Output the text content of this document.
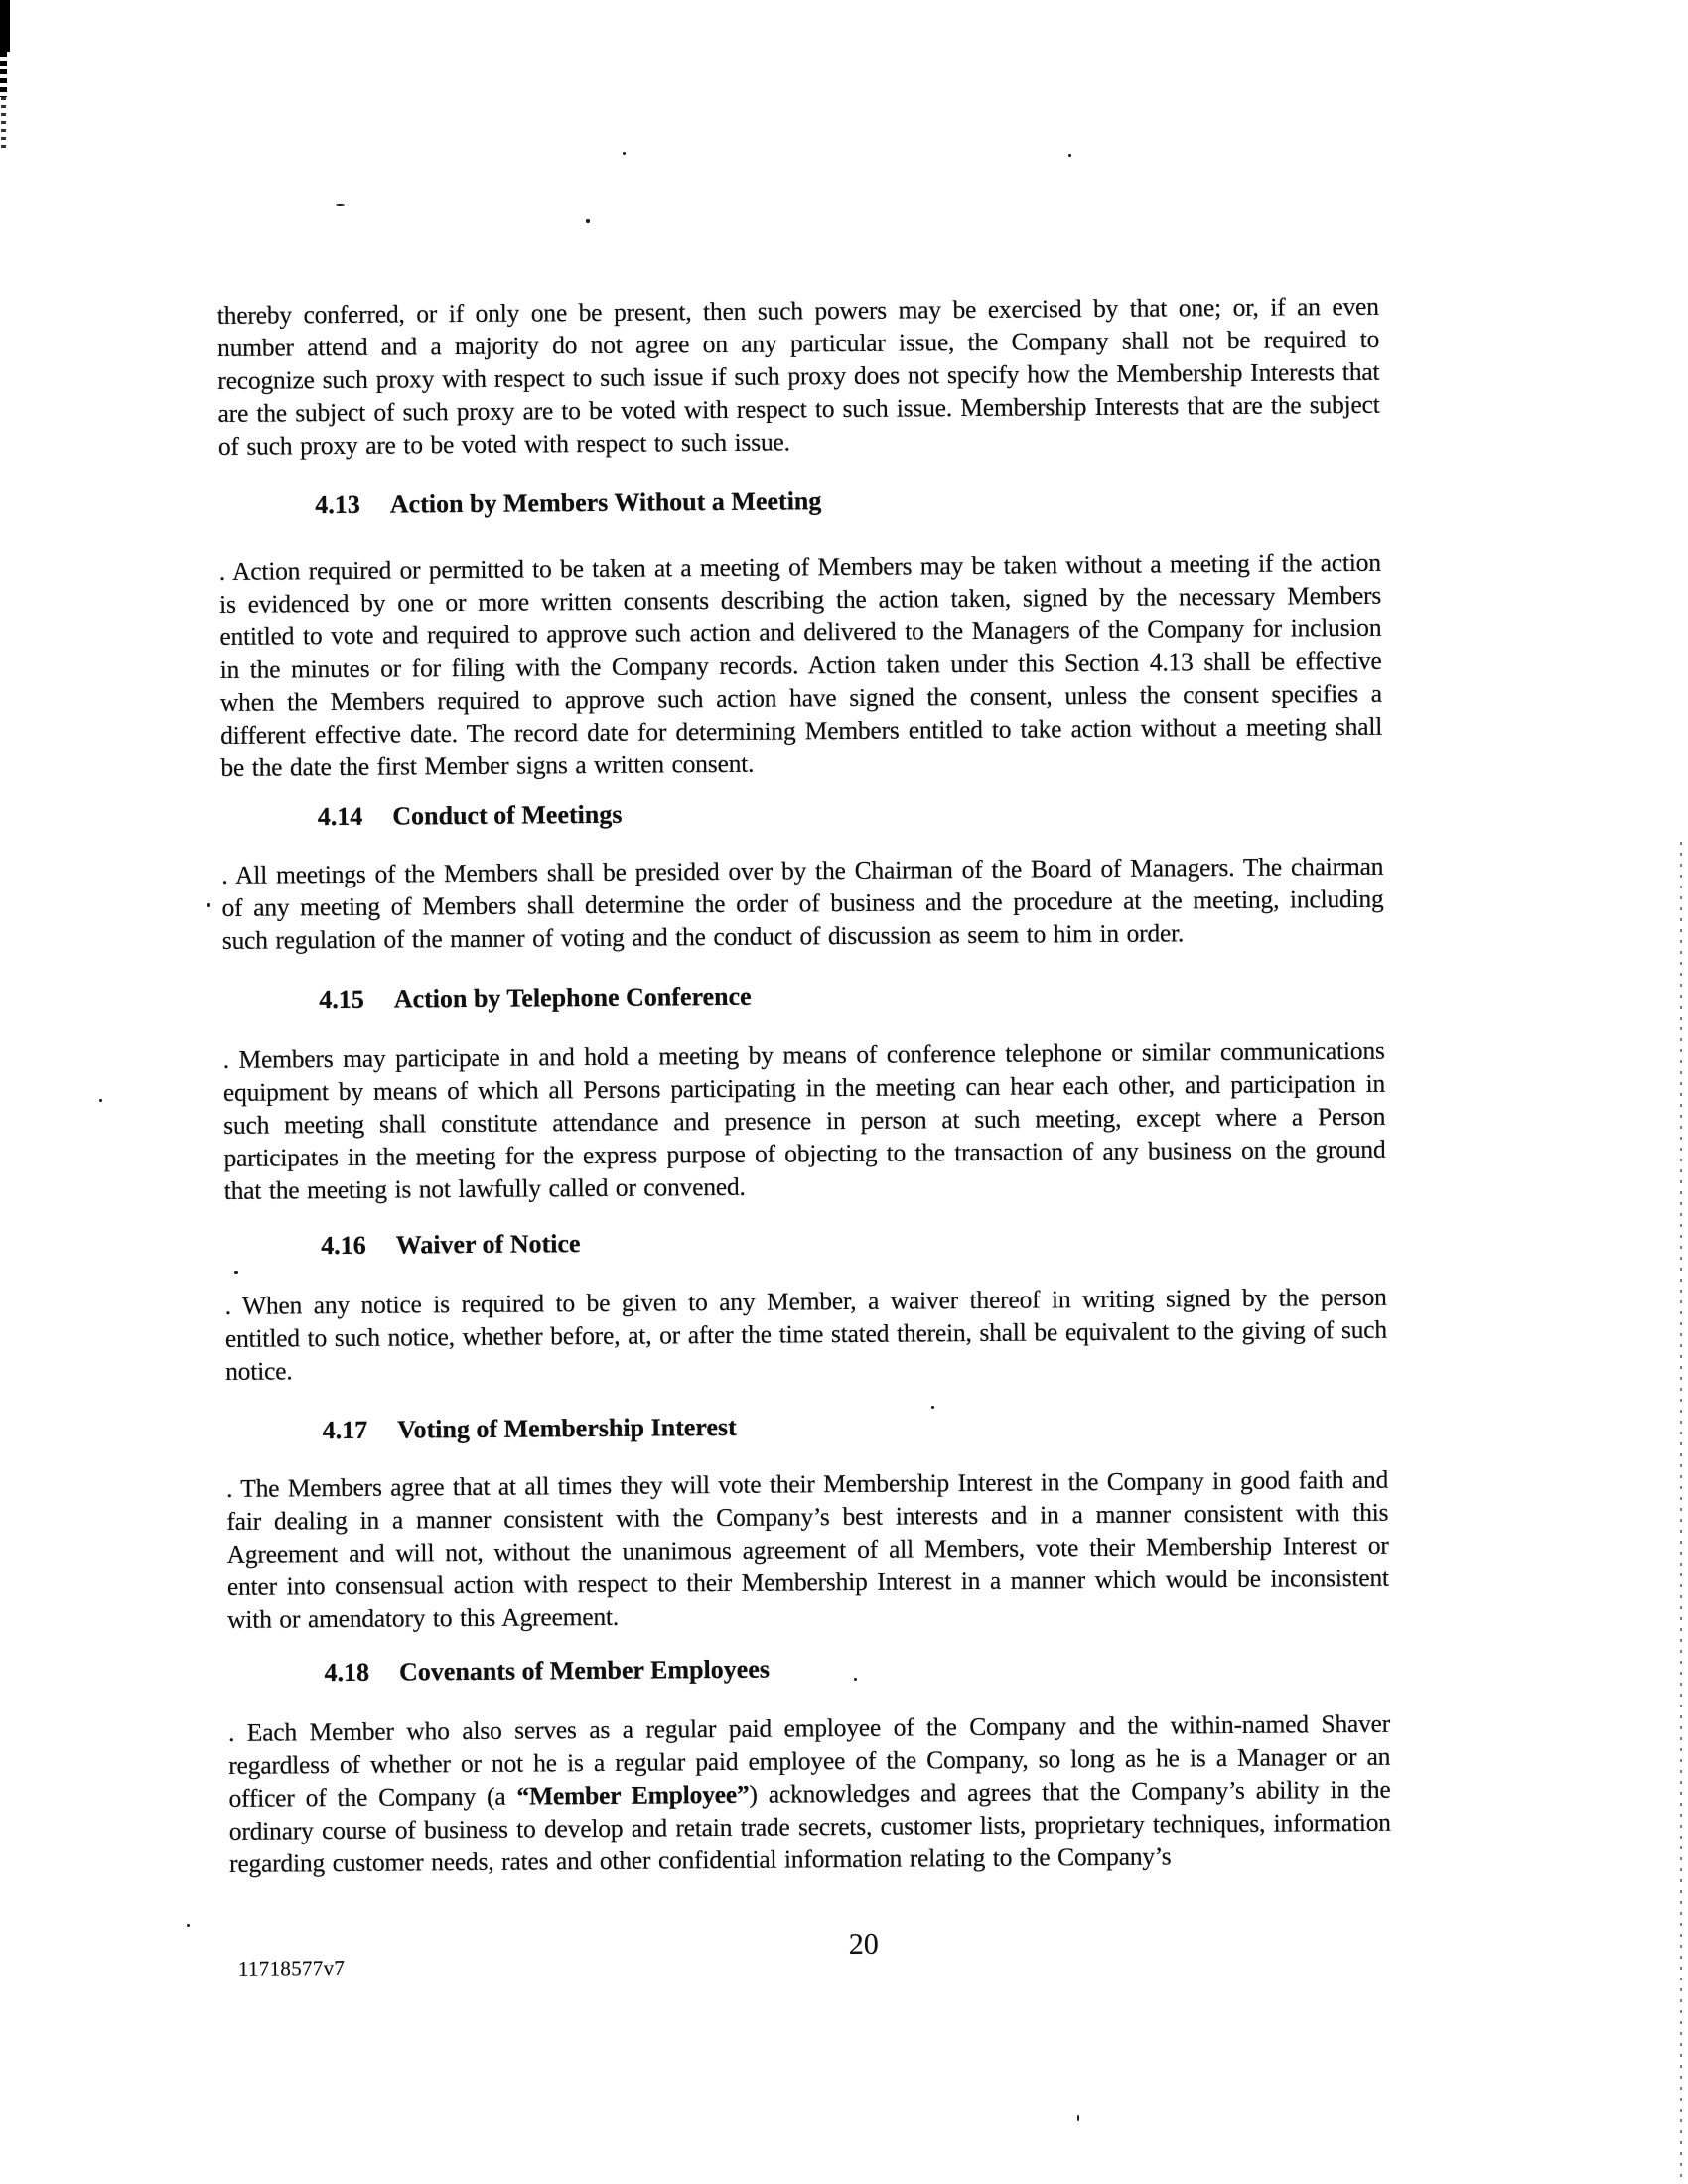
thereby conferred, or if only one be present, then such powers may be exercised by that one; or, if an even number attend and a majority do not agree on any particular issue, the Company shall not be required to recognize such proxy with respect to such issue if such proxy does not specify how the Membership Interests that are the subject of such proxy are to be voted with respect to such issue. Membership Interests that are the subject of such proxy are to be voted with respect to such issue.

4.13 Action by Members Without a Meeting

. Action required or permitted to be taken at a meeting of Members may be taken without a meeting if the action is evidenced by one or more written consents describing the action taken, signed by the necessary Members entitled to vote and required to approve such action and delivered to the Managers of the Company for inclusion in the minutes or for filing with the Company records. Action taken under this Section 4.13 shall be effective when the Members required to approve such action have signed the consent, unless the consent specifies a different effective date. The record date for determining Members entitled to take action without a meeting shall be the date the first Member signs a written consent.

4.14 Conduct of Meetings

. All meetings of the Members shall be presided over by the Chairman of the Board of Managers. The chairman of any meeting of Members shall determine the order of business and the procedure at the meeting, including such regulation of the manner of voting and the conduct of discussion as seem to him in order.

4.15 Action by Telephone Conference

. Members may participate in and hold a meeting by means of conference telephone or similar communications equipment by means of which all Persons participating in the meeting can hear each other, and participation in such meeting shall constitute attendance and presence in person at such meeting, except where a Person participates in the meeting for the express purpose of objecting to the transaction of any business on the ground that the meeting is not lawfully called or convened.

4.16 Waiver of Notice

. When any notice is required to be given to any Member, a waiver thereof in writing signed by the person entitled to such notice, whether before, at, or after the time stated therein, shall be equivalent to the giving of such notice.

4.17 Voting of Membership Interest

. The Members agree that at all times they will vote their Membership Interest in the Company in good faith and fair dealing in a manner consistent with the Company’s best interests and in a manner consistent with this Agreement and will not, without the unanimous agreement of all Members, vote their Membership Interest or enter into consensual action with respect to their Membership Interest in a manner which would be inconsistent with or amendatory to this Agreement.

4.18 Covenants of Member Employees

. Each Member who also serves as a regular paid employee of the Company and the within-named Shaver regardless of whether or not he is a regular paid employee of the Company, so long as he is a Manager or an officer of the Company (a “Member Employee”) acknowledges and agrees that the Company’s ability in the ordinary course of business to develop and retain trade secrets, customer lists, proprietary techniques, information regarding customer needs, rates and other confidential information relating to the Company’s

11718577v7
20
